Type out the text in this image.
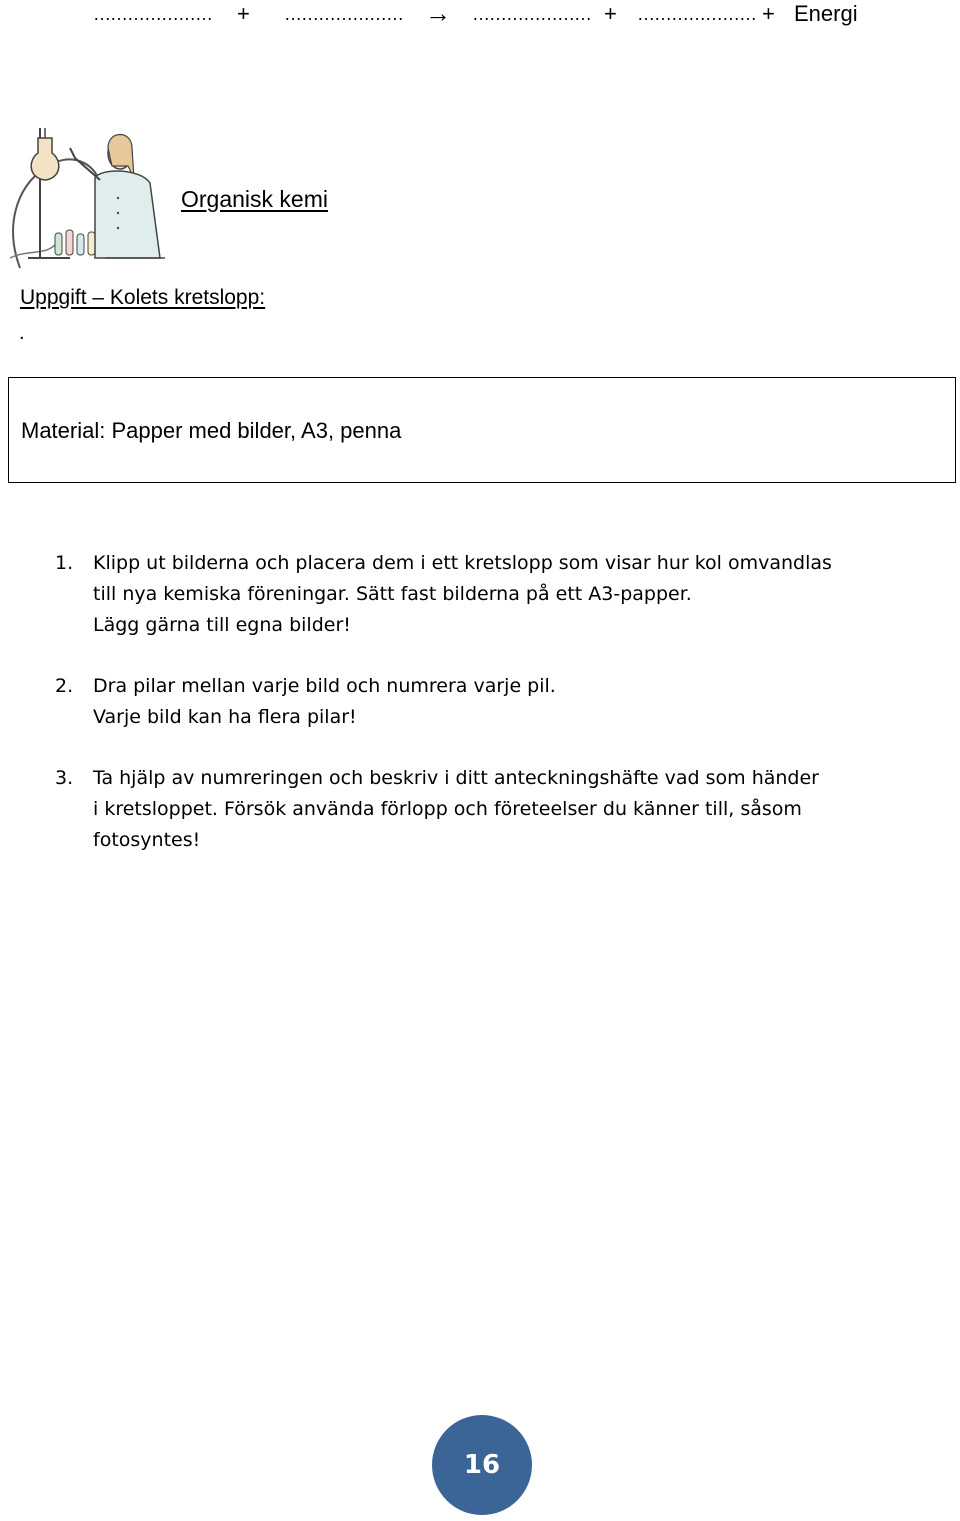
………………… + ………………… → ………………… + ………………… + Energi
Organisk kemi
Uppgift – Kolets kretslopp:
.
Material: Papper med bilder, A3, penna
1. Klipp ut bilderna och placera dem i ett kretslopp som visar hur kol omvandlas
till nya kemiska föreningar. Sätt fast bilderna på ett A3-papper.
Lägg gärna till egna bilder!
2. Dra pilar mellan varje bild och numrera varje pil.
Varje bild kan ha flera pilar!
3. Ta hjälp av numreringen och beskriv i ditt anteckningshäfte vad som händer
i kretsloppet. Försök använda förlopp och företeelser du känner till, såsom
fotosyntes!
16
